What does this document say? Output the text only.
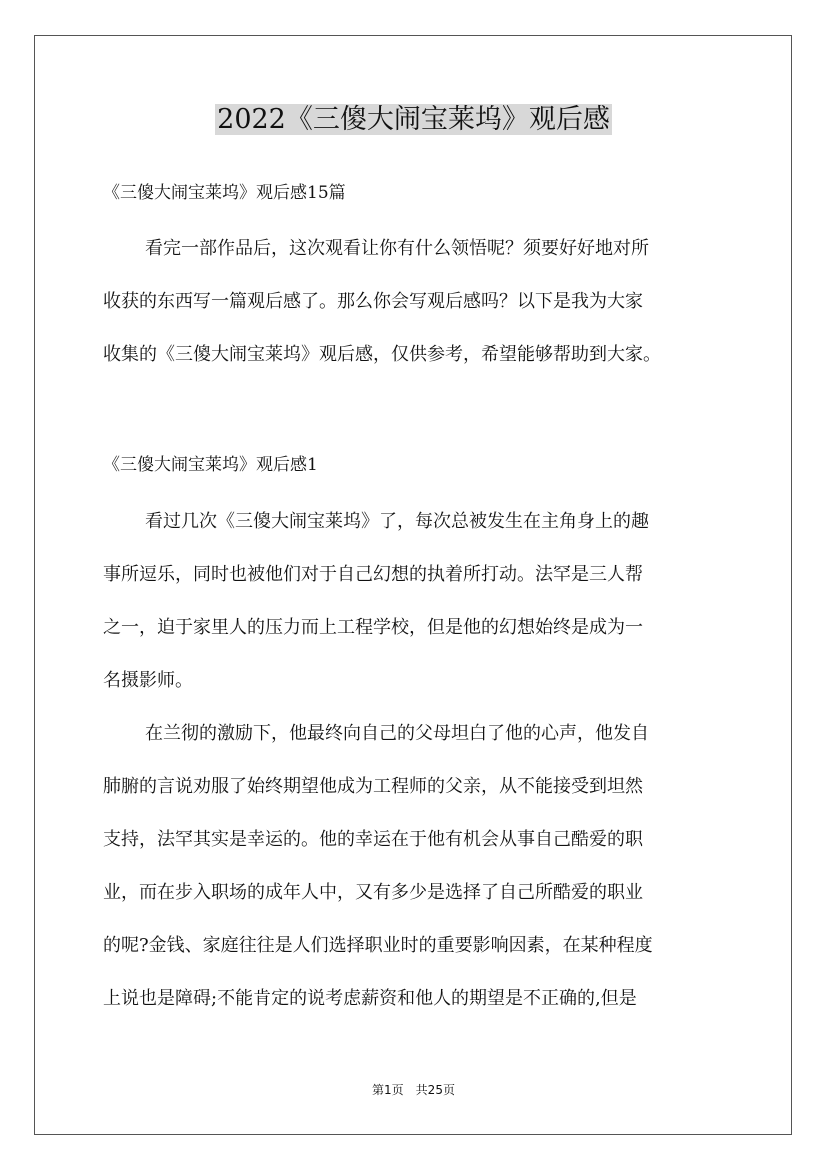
2022《三傻大闹宝莱坞》观后感
《三傻大闹宝莱坞》观后感15篇
看完一部作品后，这次观看让你有什么领悟呢？须要好好地对所
收获的东西写一篇观后感了。那么你会写观后感吗？以下是我为大家
收集的《三傻大闹宝莱坞》观后感，仅供参考，希望能够帮助到大家。
《三傻大闹宝莱坞》观后感1
看过几次《三傻大闹宝莱坞》了，每次总被发生在主角身上的趣
事所逗乐，同时也被他们对于自己幻想的执着所打动。法罕是三人帮
之一，迫于家里人的压力而上工程学校，但是他的幻想始终是成为一
名摄影师。
在兰彻的激励下，他最终向自己的父母坦白了他的心声，他发自
肺腑的言说劝服了始终期望他成为工程师的父亲，从不能接受到坦然
支持，法罕其实是幸运的。他的幸运在于他有机会从事自己酷爱的职
业，而在步入职场的成年人中，又有多少是选择了自己所酷爱的职业
的呢?金钱、家庭往往是人们选择职业时的重要影响因素，在某种程度
上说也是障碍;不能肯定的说考虑薪资和他人的期望是不正确的,但是
第1页　共25页
